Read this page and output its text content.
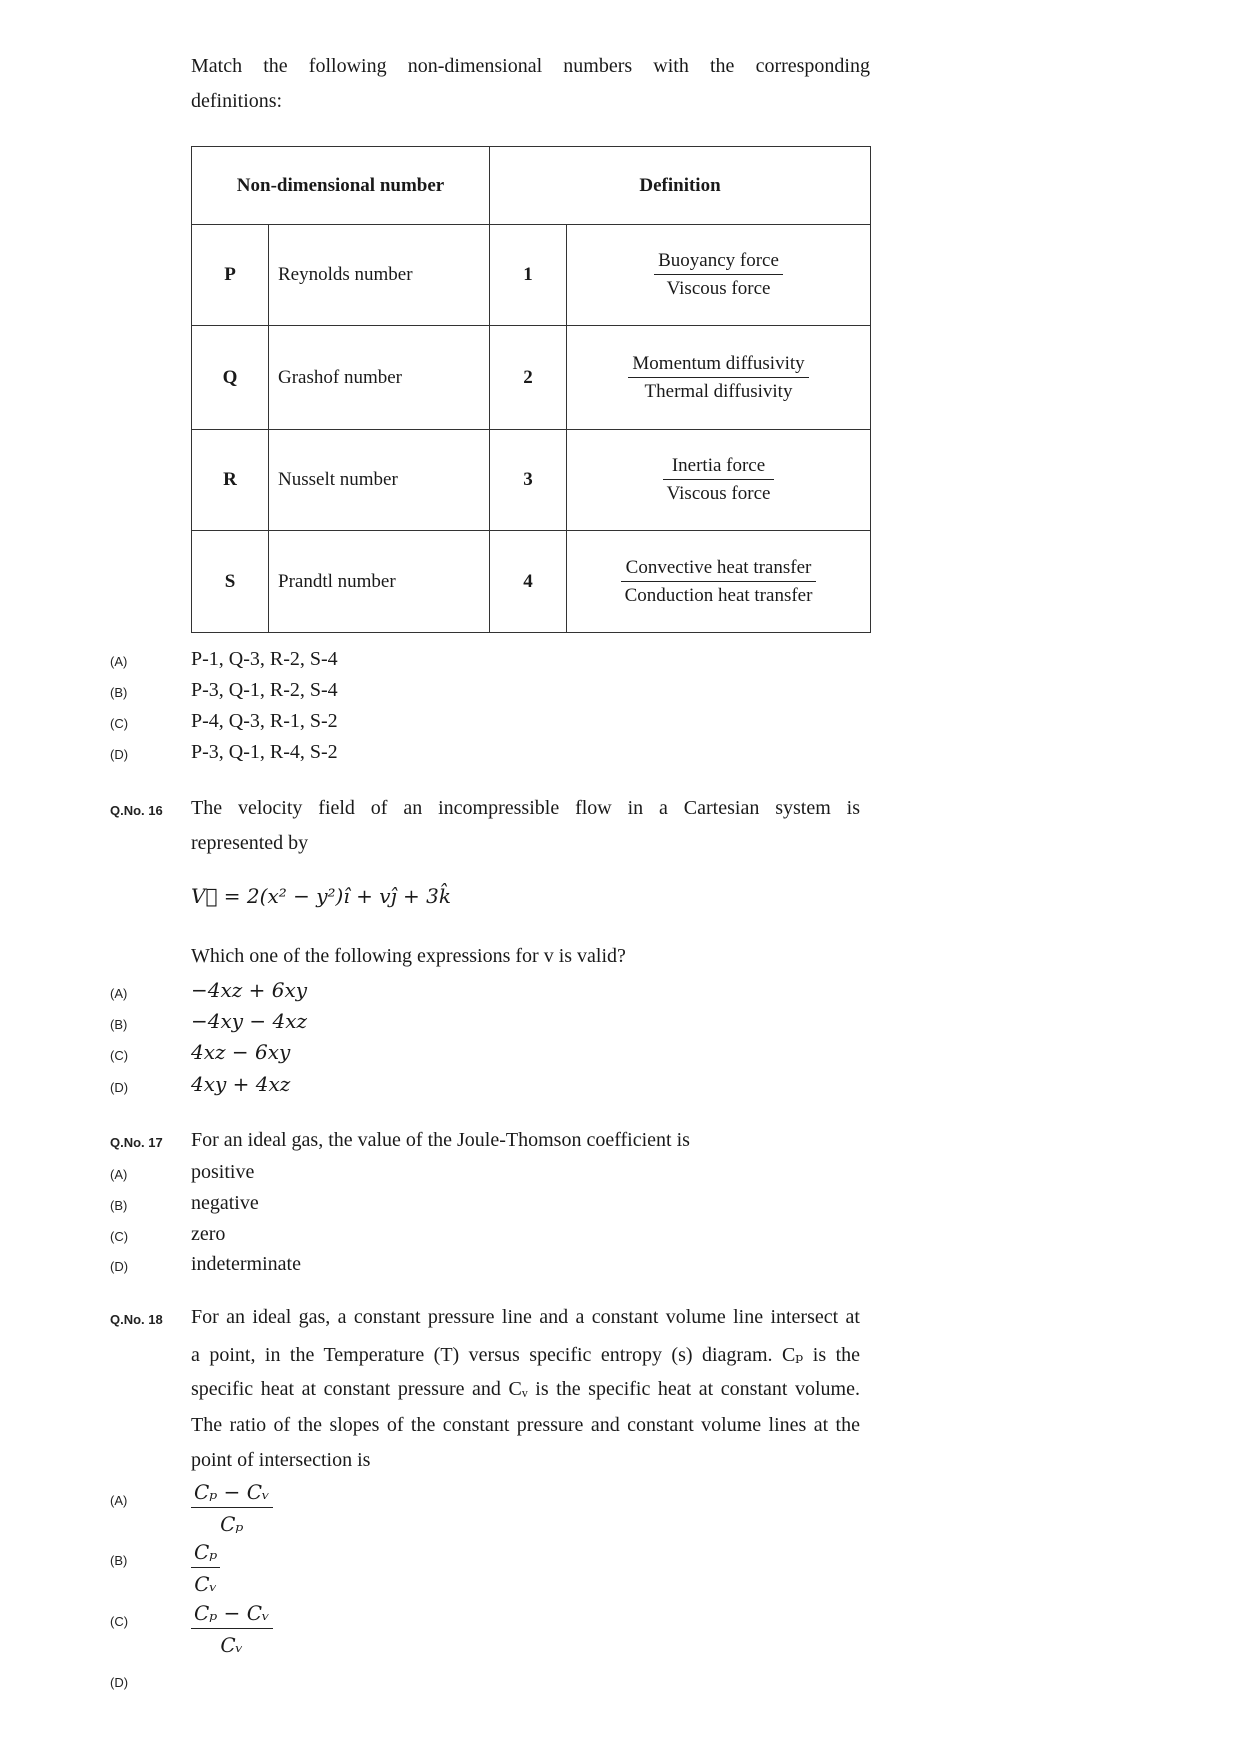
Match the following non-dimensional numbers with the corresponding
definitions:
Non-dimensional number		Definition	
P	Reynolds number	1	$\frac{\text{Buoyancy force}}{\text{Viscous force}}$

Q	Grashof number	2	$\frac{\text{Momentum diffusivity}}{\text{Thermal diffusivity}}$

R	Nusselt number	3	$\frac{\text{Inertia force}}{\text{Viscous force}}$

S	Prandtl number	4	$\frac{\text{Convective heat transfer}}{\text{Conduction heat transfer}}$
(A)	P-1, Q-3, R-2, S-4
(B)	P-3, Q-1, R-2, S-4
(C)	P-4, Q-3, R-1, S-2
(D)	P-3, Q-1, R-4, S-2
Q.No. 16 The velocity field of an incompressible flow in a Cartesian system is
represented by
V⃗ = 2(x² − y²)î + vĵ + 3k̂
Which one of the following expressions for v is valid?
(A)	−4xz + 6xy
(B)	−4xy − 4xz
(C)	4xz − 6xy
(D)	4xy + 4xz
Q.No. 17 For an ideal gas, the value of the Joule-Thomson coefficient is
(A)	positive
(B)	negative
(C)	zero
(D)	indeterminate
Q.No. 18 For an ideal gas, a constant pressure line and a constant volume line intersect at
a point, in the Temperature (T) versus specific entropy (s) diagram. Cₚ is the
specific heat at constant pressure and Cᵥ is the specific heat at constant volume.
The ratio of the slopes of the constant pressure and constant volume lines at the
point of intersection is
(A)	$\frac{\text{Cₚ − Cᵥ}}{\text{Cₚ}}$
(B)	$\frac{\text{Cₚ}}{\text{Cᵥ}}$
(C)	$\frac{\text{Cₚ − Cᵥ}}{\text{Cᵥ}}$
(D)
